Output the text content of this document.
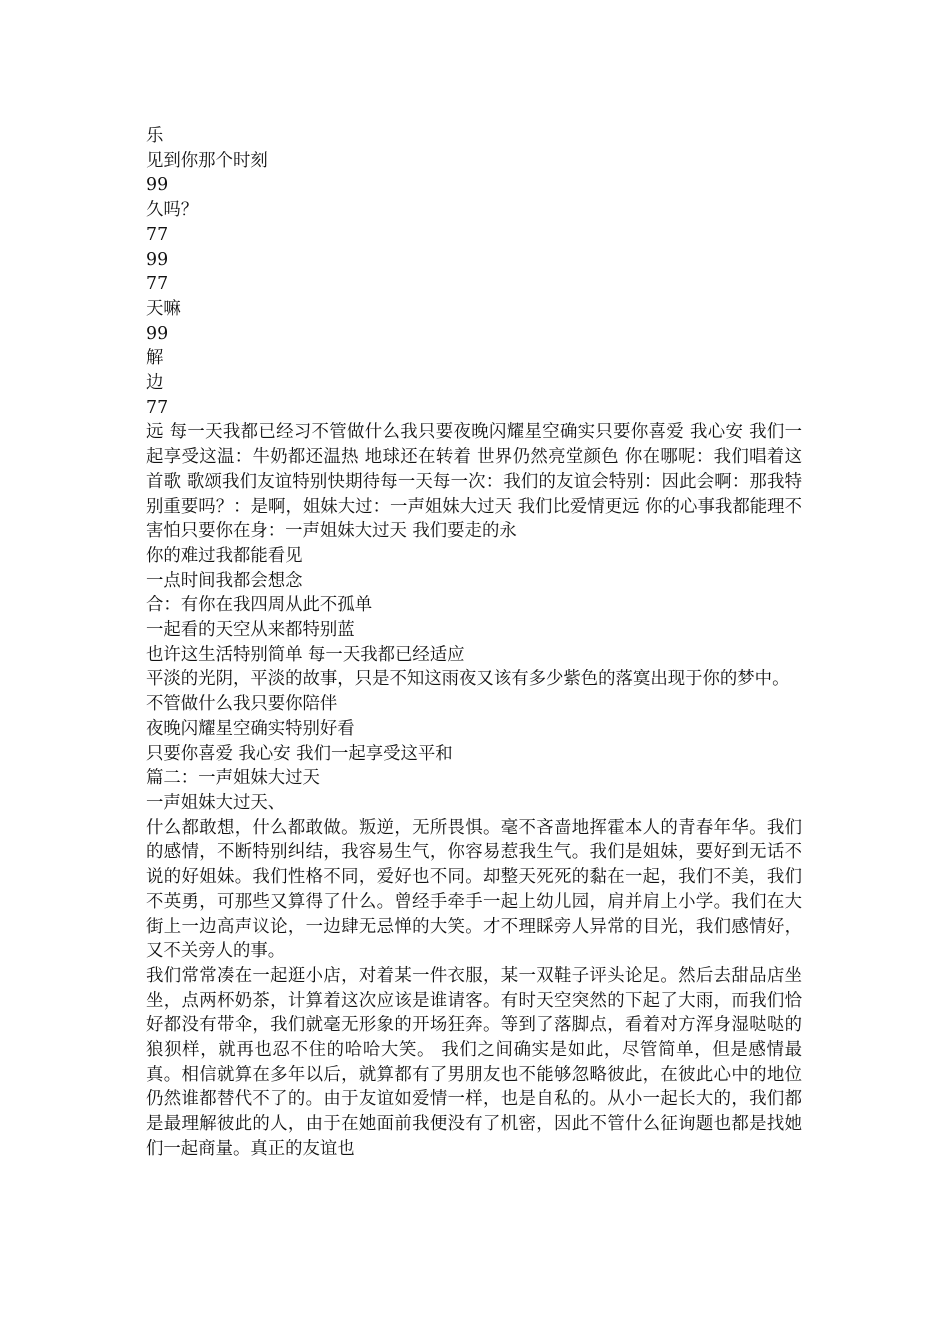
乐

见到你那个时刻

99

久吗？

77

99

77

天嘛

99

解

边

77

远 每一天我都已经习不管做什么我只要夜晚闪耀星空确实只要你喜爱 我心安 我们一起享受这温：牛奶都还温热 地球还在转着 世界仍然亮堂颜色 你在哪呢：我们唱着这首歌 歌颂我们友谊特别快期待每一天每一次：我们的友谊会特别：因此会啊：那我特别重要吗？：是啊，姐妹大过：一声姐妹大过天 我们比爱情更远 你的心事我都能理不害怕只要你在身：一声姐妹大过天 我们要走的永

你的难过我都能看见

一点时间我都会想念

合：有你在我四周从此不孤单

一起看的天空从来都特别蓝

也许这生活特别简单 每一天我都已经适应

平淡的光阴，平淡的故事，只是不知这雨夜又该有多少紫色的落寞出现于你的梦中。

不管做什么我只要你陪伴

夜晚闪耀星空确实特别好看

只要你喜爱 我心安 我们一起享受这平和

篇二：一声姐妹大过天

一声姐妹大过天、

什么都敢想，什么都敢做。叛逆，无所畏惧。毫不吝啬地挥霍本人的青春年华。我们的感情，不断特别纠结，我容易生气，你容易惹我生气。我们是姐妹，要好到无话不说的好姐妹。我们性格不同，爱好也不同。却整天死死的黏在一起，我们不美，我们不英勇，可那些又算得了什么。曾经手牵手一起上幼儿园，肩并肩上小学。我们在大街上一边高声议论，一边肆无忌惮的大笑。才不理睬旁人异常的目光，我们感情好，又不关旁人的事。

我们常常凑在一起逛小店，对着某一件衣服，某一双鞋子评头论足。然后去甜品店坐坐，点两杯奶茶，计算着这次应该是谁请客。有时天空突然的下起了大雨，而我们恰好都没有带伞，我们就毫无形象的开场狂奔。等到了落脚点，看着对方浑身湿哒哒的狼狈样，就再也忍不住的哈哈大笑。 我们之间确实是如此，尽管简单，但是感情最真。相信就算在多年以后，就算都有了男朋友也不能够忽略彼此，在彼此心中的地位仍然谁都替代不了的。由于友谊如爱情一样，也是自私的。从小一起长大的，我们都是最理解彼此的人，由于在她面前我便没有了机密，因此不管什么征询题也都是找她们一起商量。真正的友谊也
